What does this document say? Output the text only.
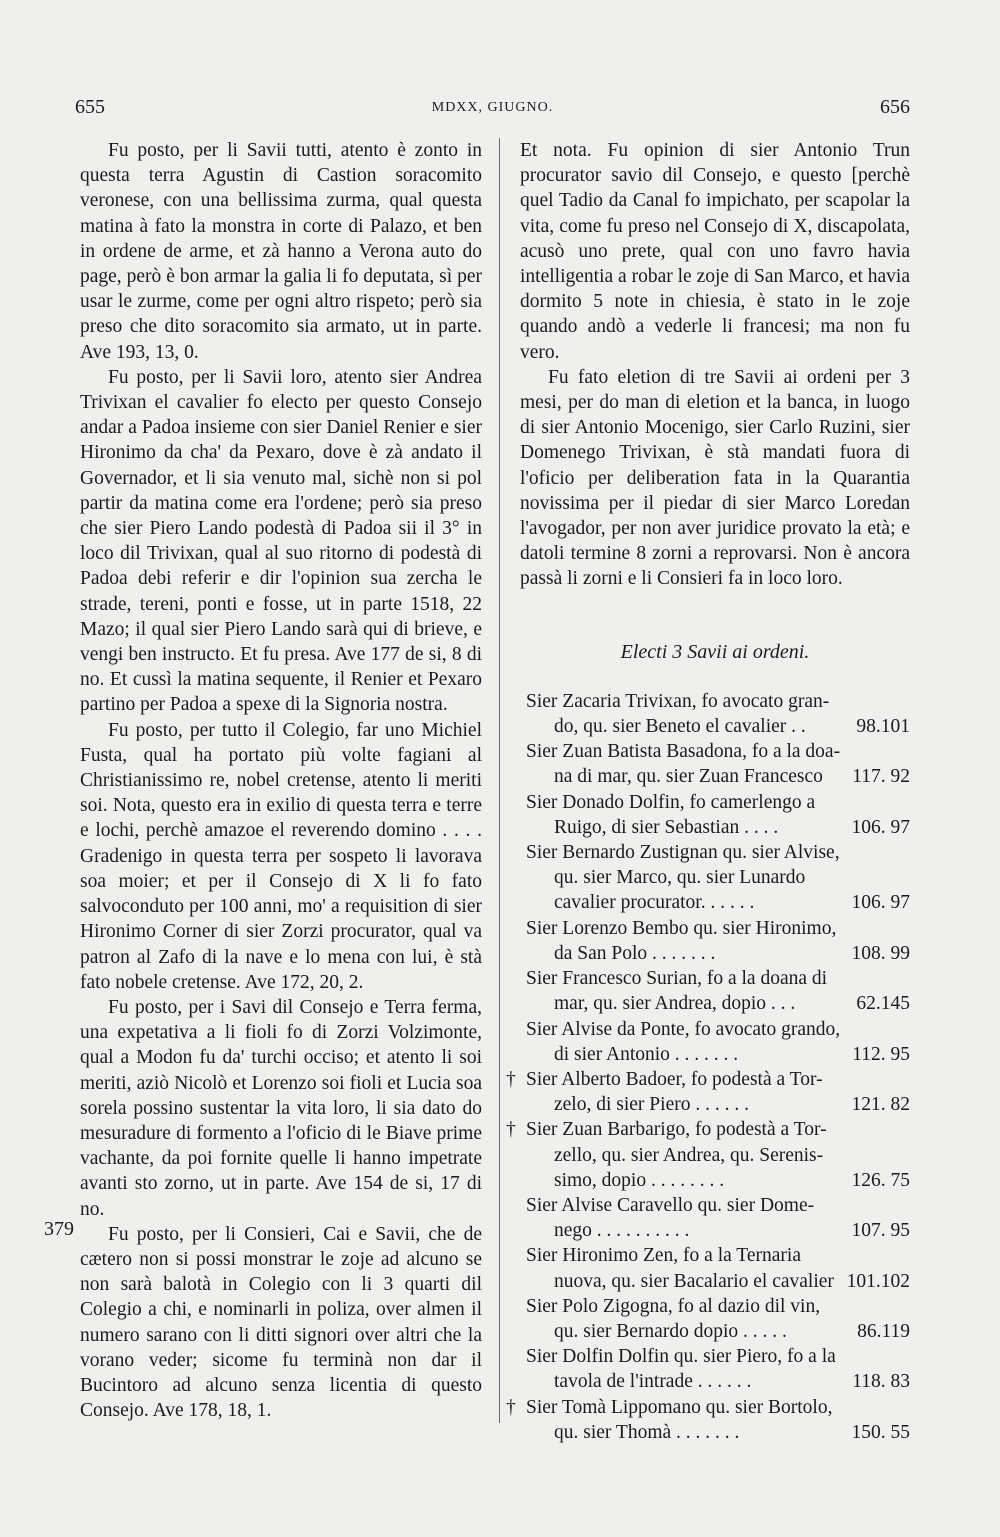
655	MDXX, GIUGNO.	656
379

Fu posto, per li Savii tutti, atento è zonto in questa terra Agustin di Castion soracomito veronese, con una bellissima zurma, qual questa matina à fato la monstra in corte di Palazo, et ben in ordene de arme, et zà hanno a Verona auto do page, però è bon armar la galia li fo deputata, sì per usar le zurme, come per ogni altro rispeto; però sia preso che dito soracomito sia armato, ut in parte. Ave 193, 13, 0.

Fu posto, per li Savii loro, atento sier Andrea Trivixan el cavalier fo electo per questo Consejo andar a Padoa insieme con sier Daniel Renier e sier Hironimo da cha' da Pexaro, dove è zà andato il Governador, et li sia venuto mal, sichè non si pol partir da matina come era l'ordene; però sia preso che sier Piero Lando podestà di Padoa sii il 3° in loco dil Trivixan, qual al suo ritorno di podestà di Padoa debi referir e dir l'opinion sua zercha le strade, tereni, ponti e fosse, ut in parte 1518, 22 Mazo; il qual sier Piero Lando sarà qui di brieve, e vengi ben instructo. Et fu presa. Ave 177 de si, 8 di no. Et cussì la matina sequente, il Renier et Pexaro partino per Padoa a spexe di la Signoria nostra.

Fu posto, per tutto il Colegio, far uno Michiel Fusta, qual ha portato più volte fagiani al Christianissimo re, nobel cretense, atento li meriti soi. Nota, questo era in exilio di questa terra e terre e lochi, perchè amazoe el reverendo domino . . . . Gradenigo in questa terra per sospeto li lavorava soa moier; et per il Consejo di X li fo fato salvoconduto per 100 anni, mo' a requisition di sier Hironimo Corner di sier Zorzi procurator, qual va patron al Zafo di la nave e lo mena con lui, è stà fato nobele cretense. Ave 172, 20, 2.

Fu posto, per i Savi dil Consejo e Terra ferma, una expetativa a li fioli fo di Zorzi Volzimonte, qual a Modon fu da' turchi occiso; et atento li soi meriti, aziò Nicolò et Lorenzo soi fioli et Lucia soa sorela possino sustentar la vita loro, li sia dato do mesuradure di formento a l'oficio di le Biave prime vachante, da poi fornite quelle li hanno impetrate avanti sto zorno, ut in parte. Ave 154 de si, 17 di no.

Fu posto, per li Consieri, Cai e Savii, che de cætero non si possi monstrar le zoje ad alcuno se non sarà balotà in Colegio con li 3 quarti dil Colegio a chi, e nominarli in poliza, over almen il numero sarano con li ditti signori over altri che la vorano veder; sicome fu terminà non dar il Bucintoro ad alcuno senza licentia di questo Consejo. Ave 178, 18, 1.

Et nota. Fu opinion di sier Antonio Trun procurator savio dil Consejo, e questo [perchè quel Tadio da Canal fo impichato, per scapolar la vita, come fu preso nel Consejo di X, discapolata, acusò uno prete, qual con uno favro havia intelligentia a robar le zoje di San Marco, et havia dormito 5 note in chiesia, è stato in le zoje quando andò a vederle li francesi; ma non fu vero.

Fu fato eletion di tre Savii ai ordeni per 3 mesi, per do man di eletion et la banca, in luogo di sier Antonio Mocenigo, sier Carlo Ruzini, sier Domenego Trivixan, è stà mandati fuora di l'oficio per deliberation fata in la Quarantia novissima per il piedar di sier Marco Loredan l'avogador, per non aver juridice provato la età; e datoli termine 8 zorni a reprovarsi. Non è ancora passà li zorni e li Consieri fa in loco loro.

Electi 3 Savii ai ordeni.
Sier Zacaria Trivixan, fo avocato gran-
do, qu. sier Beneto el cavalier . .	98.101
Sier Zuan Batista Basadona, fo a la doa-
na di mar, qu. sier Zuan Francesco 117. 92
Sier Donado Dolfin, fo camerlengo a
Ruigo, di sier Sebastian . . . .	106. 97
Sier Bernardo Zustignan qu. sier Alvise,
qu. sier Marco, qu. sier Lunardo
cavalier procurator. . . . . .	106. 97
Sier Lorenzo Bembo qu. sier Hironimo,
da San Polo . . . . . . .	108. 99
Sier Francesco Surian, fo a la doana di
mar, qu. sier Andrea, dopio . . .	62.145
Sier Alvise da Ponte, fo avocato grando,
di sier Antonio . . . . . . .	112. 95
† Sier Alberto Badoer, fo podestà a Tor-
zelo, di sier Piero . . . . . .	121. 82
† Sier Zuan Barbarigo, fo podestà a Tor-
zello, qu. sier Andrea, qu. Serenis-
simo, dopio . . . . . . . .	126. 75
Sier Alvise Caravello qu. sier Dome-
nego . . . . . . . . . .	107. 95
Sier Hironimo Zen, fo a la Ternaria
nuova, qu. sier Bacalario el cavalier 101.102
Sier Polo Zigogna, fo al dazio dil vin,
qu. sier Bernardo dopio . . . . .	86.119
Sier Dolfin Dolfin qu. sier Piero, fo a la
tavola de l'intrade . . . . . .	118. 83
† Sier Tomà Lippomano qu. sier Bortolo,
qu. sier Thomà . . . . . . .	150. 55
